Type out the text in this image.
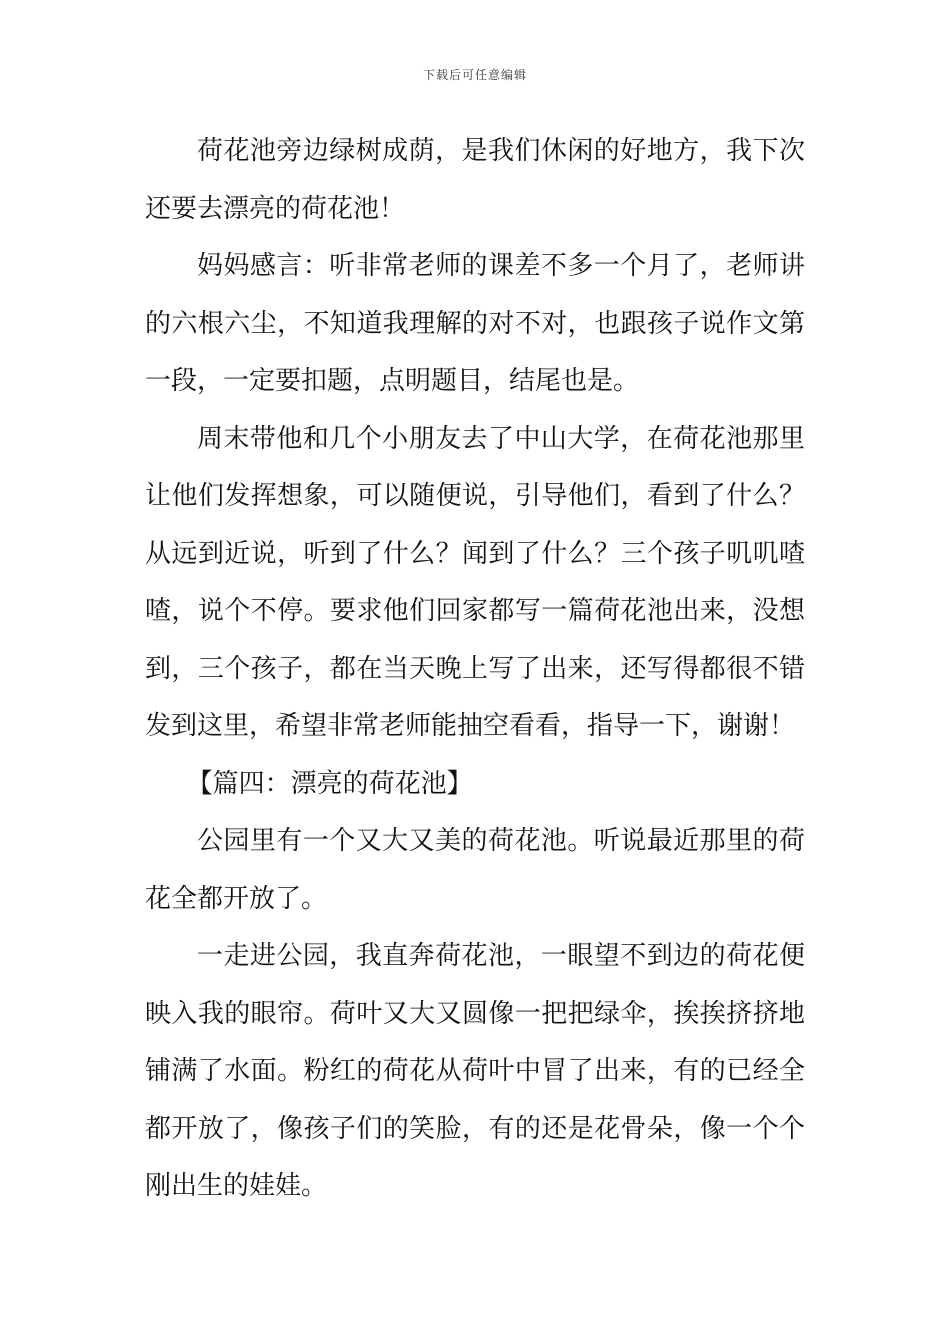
下载后可任意编辑

荷花池旁边绿树成荫，是我们休闲的好地方，我下次还要去漂亮的荷花池！

妈妈感言：听非常老师的课差不多一个月了，老师讲的六根六尘，不知道我理解的对不对，也跟孩子说作文第一段，一定要扣题，点明题目，结尾也是。

周末带他和几个小朋友去了中山大学，在荷花池那里让他们发挥想象，可以随便说，引导他们，看到了什么？从远到近说，听到了什么？闻到了什么？三个孩子叽叽喳喳，说个不停。要求他们回家都写一篇荷花池出来，没想到，三个孩子，都在当天晚上写了出来，还写得都很不错发到这里，希望非常老师能抽空看看，指导一下，谢谢！

【篇四：漂亮的荷花池】

公园里有一个又大又美的荷花池。听说最近那里的荷花全都开放了。

一走进公园，我直奔荷花池，一眼望不到边的荷花便映入我的眼帘。荷叶又大又圆像一把把绿伞，挨挨挤挤地铺满了水面。粉红的荷花从荷叶中冒了出来，有的已经全都开放了，像孩子们的笑脸，有的还是花骨朵，像一个个刚出生的娃娃。
